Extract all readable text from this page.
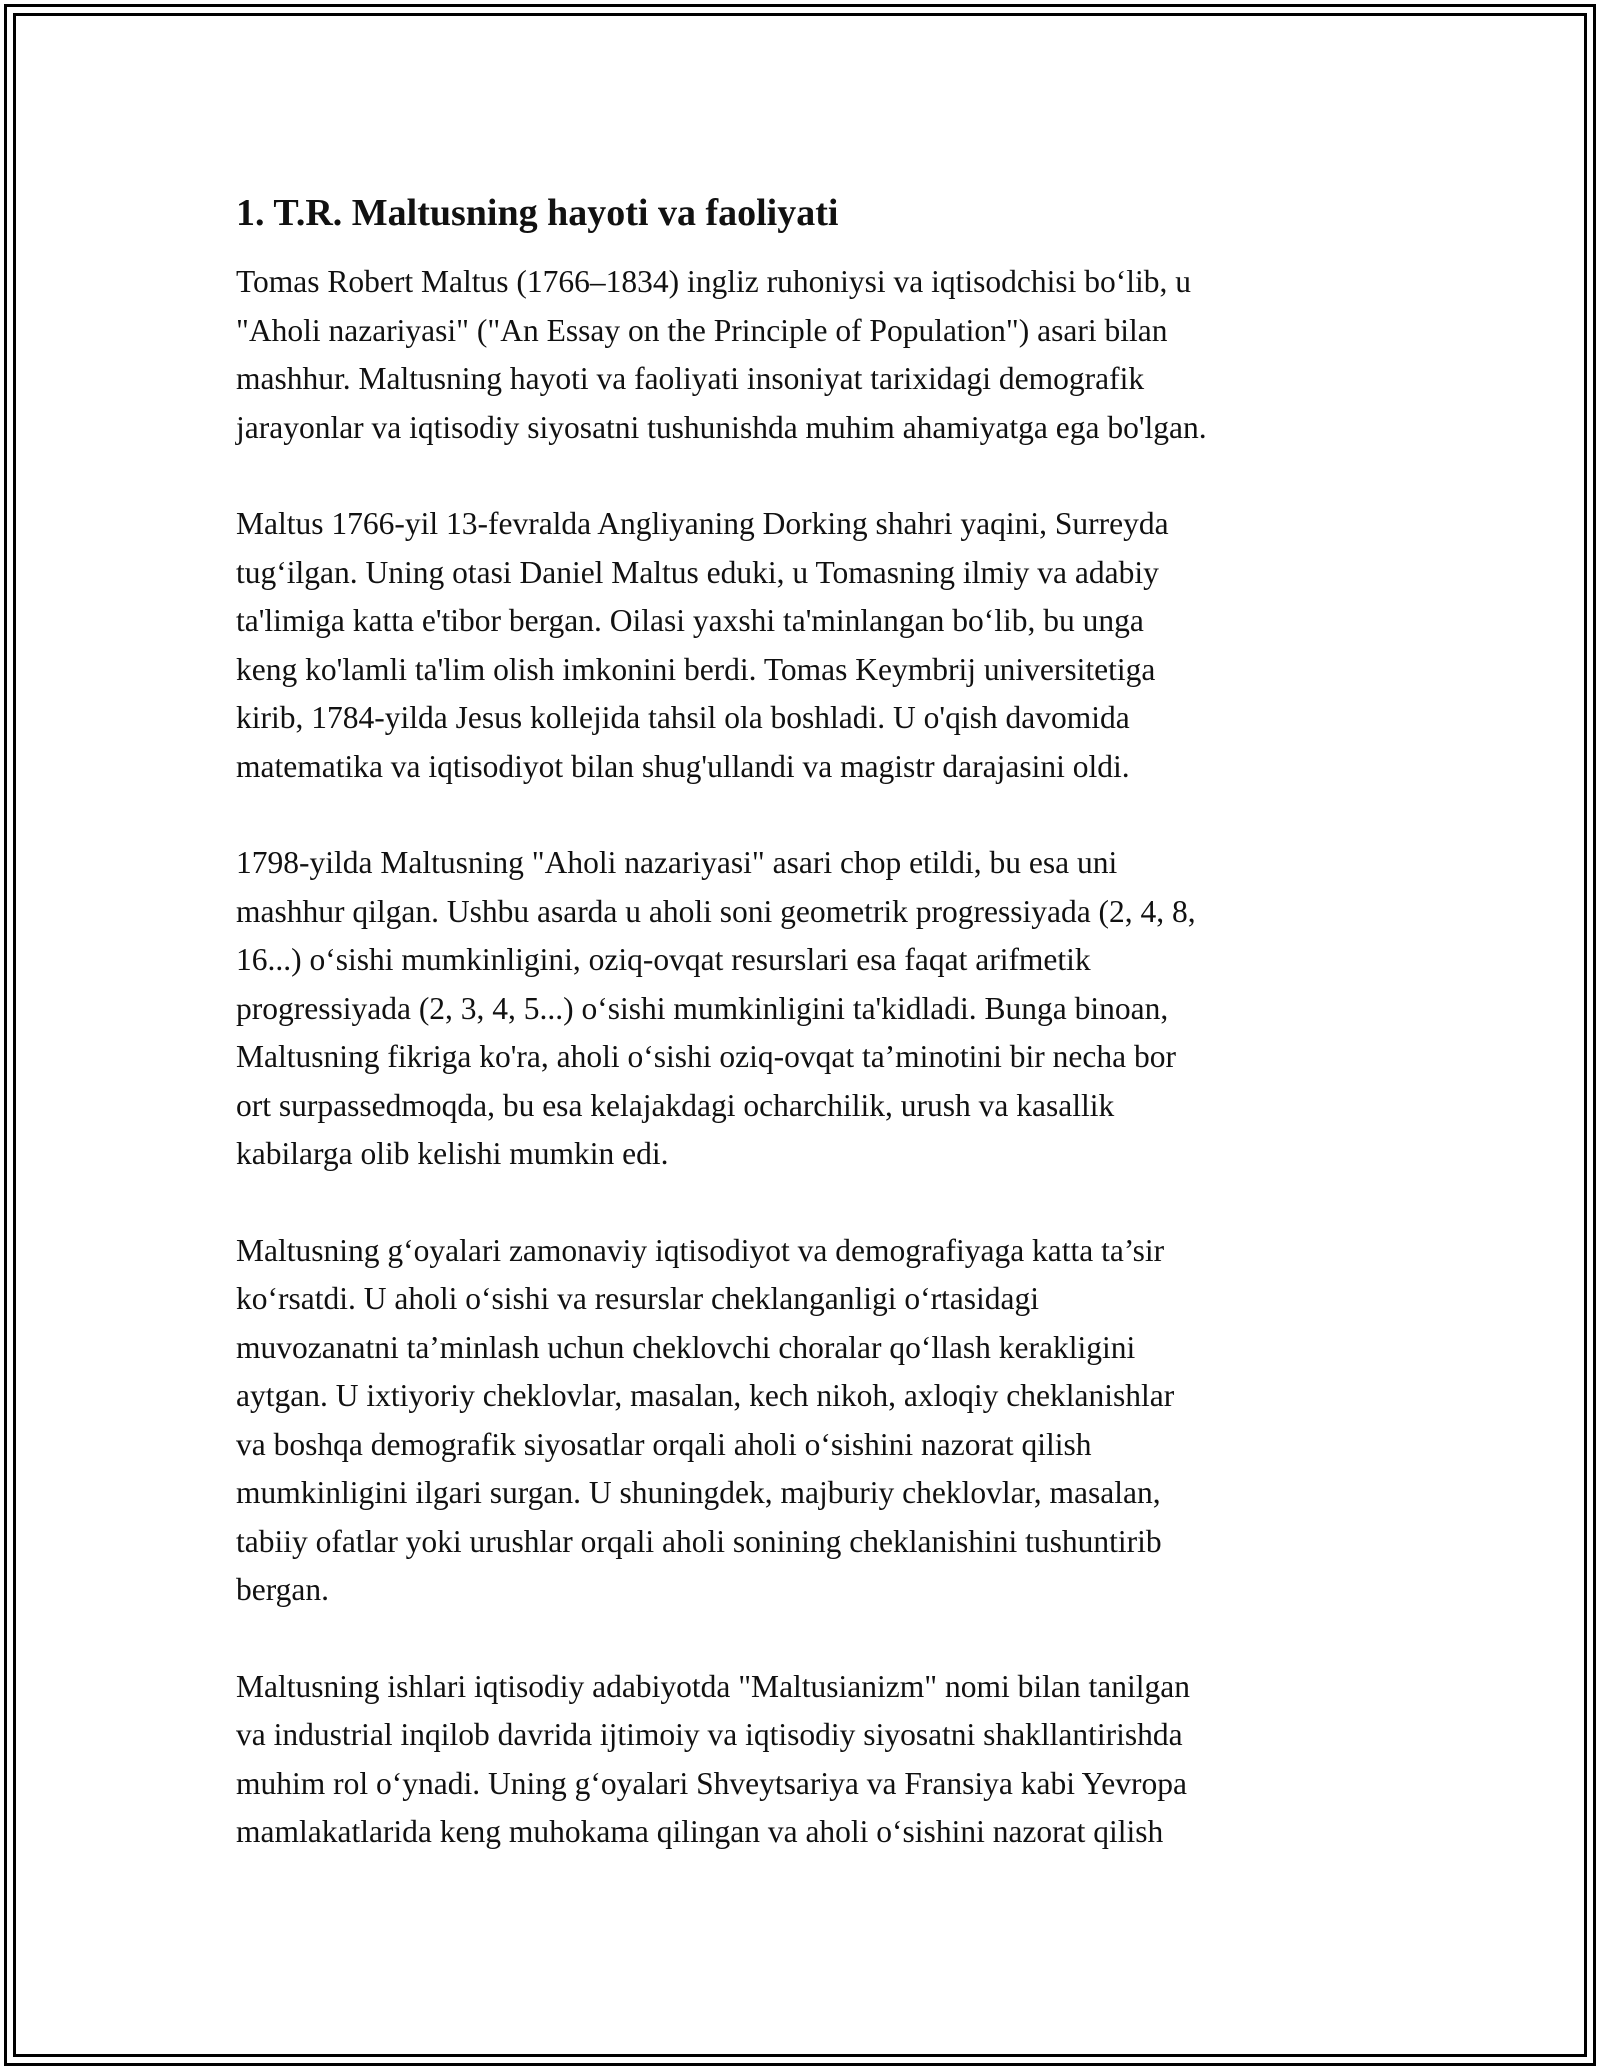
1. T.R. Maltusning hayoti va faoliyati

Tomas Robert Maltus (1766–1834) ingliz ruhoniysi va iqtisodchisi bo‘lib, u
"Aholi nazariyasi" ("An Essay on the Principle of Population") asari bilan
mashhur. Maltusning hayoti va faoliyati insoniyat tarixidagi demografik
jarayonlar va iqtisodiy siyosatni tushunishda muhim ahamiyatga ega bo'lgan.

Maltus 1766-yil 13-fevralda Angliyaning Dorking shahri yaqini, Surreyda
tug‘ilgan. Uning otasi Daniel Maltus eduki, u Tomasning ilmiy va adabiy
ta'limiga katta e'tibor bergan. Oilasi yaxshi ta'minlangan bo‘lib, bu unga
keng ko'lamli ta'lim olish imkonini berdi. Tomas Keymbrij universitetiga
kirib, 1784-yilda Jesus kollejida tahsil ola boshladi. U o'qish davomida
matematika va iqtisodiyot bilan shug'ullandi va magistr darajasini oldi.

1798-yilda Maltusning "Aholi nazariyasi" asari chop etildi, bu esa uni
mashhur qilgan. Ushbu asarda u aholi soni geometrik progressiyada (2, 4, 8,
16...) o‘sishi mumkinligini, oziq-ovqat resurslari esa faqat arifmetik
progressiyada (2, 3, 4, 5...) o‘sishi mumkinligini ta'kidladi. Bunga binoan,
Maltusning fikriga ko'ra, aholi o‘sishi oziq-ovqat ta’minotini bir necha bor
ort surpassedmoqda, bu esa kelajakdagi ocharchilik, urush va kasallik
kabilarga olib kelishi mumkin edi.

Maltusning g‘oyalari zamonaviy iqtisodiyot va demografiyaga katta ta’sir
ko‘rsatdi. U aholi o‘sishi va resurslar cheklanganligi o‘rtasidagi
muvozanatni ta’minlash uchun cheklovchi choralar qo‘llash kerakligini
aytgan. U ixtiyoriy cheklovlar, masalan, kech nikoh, axloqiy cheklanishlar
va boshqa demografik siyosatlar orqali aholi o‘sishini nazorat qilish
mumkinligini ilgari surgan. U shuningdek, majburiy cheklovlar, masalan,
tabiiy ofatlar yoki urushlar orqali aholi sonining cheklanishini tushuntirib
bergan.

Maltusning ishlari iqtisodiy adabiyotda "Maltusianizm" nomi bilan tanilgan
va industrial inqilob davrida ijtimoiy va iqtisodiy siyosatni shakllantirishda
muhim rol o‘ynadi. Uning g‘oyalari Shveytsariya va Fransiya kabi Yevropa
mamlakatlarida keng muhokama qilingan va aholi o‘sishini nazorat qilish
